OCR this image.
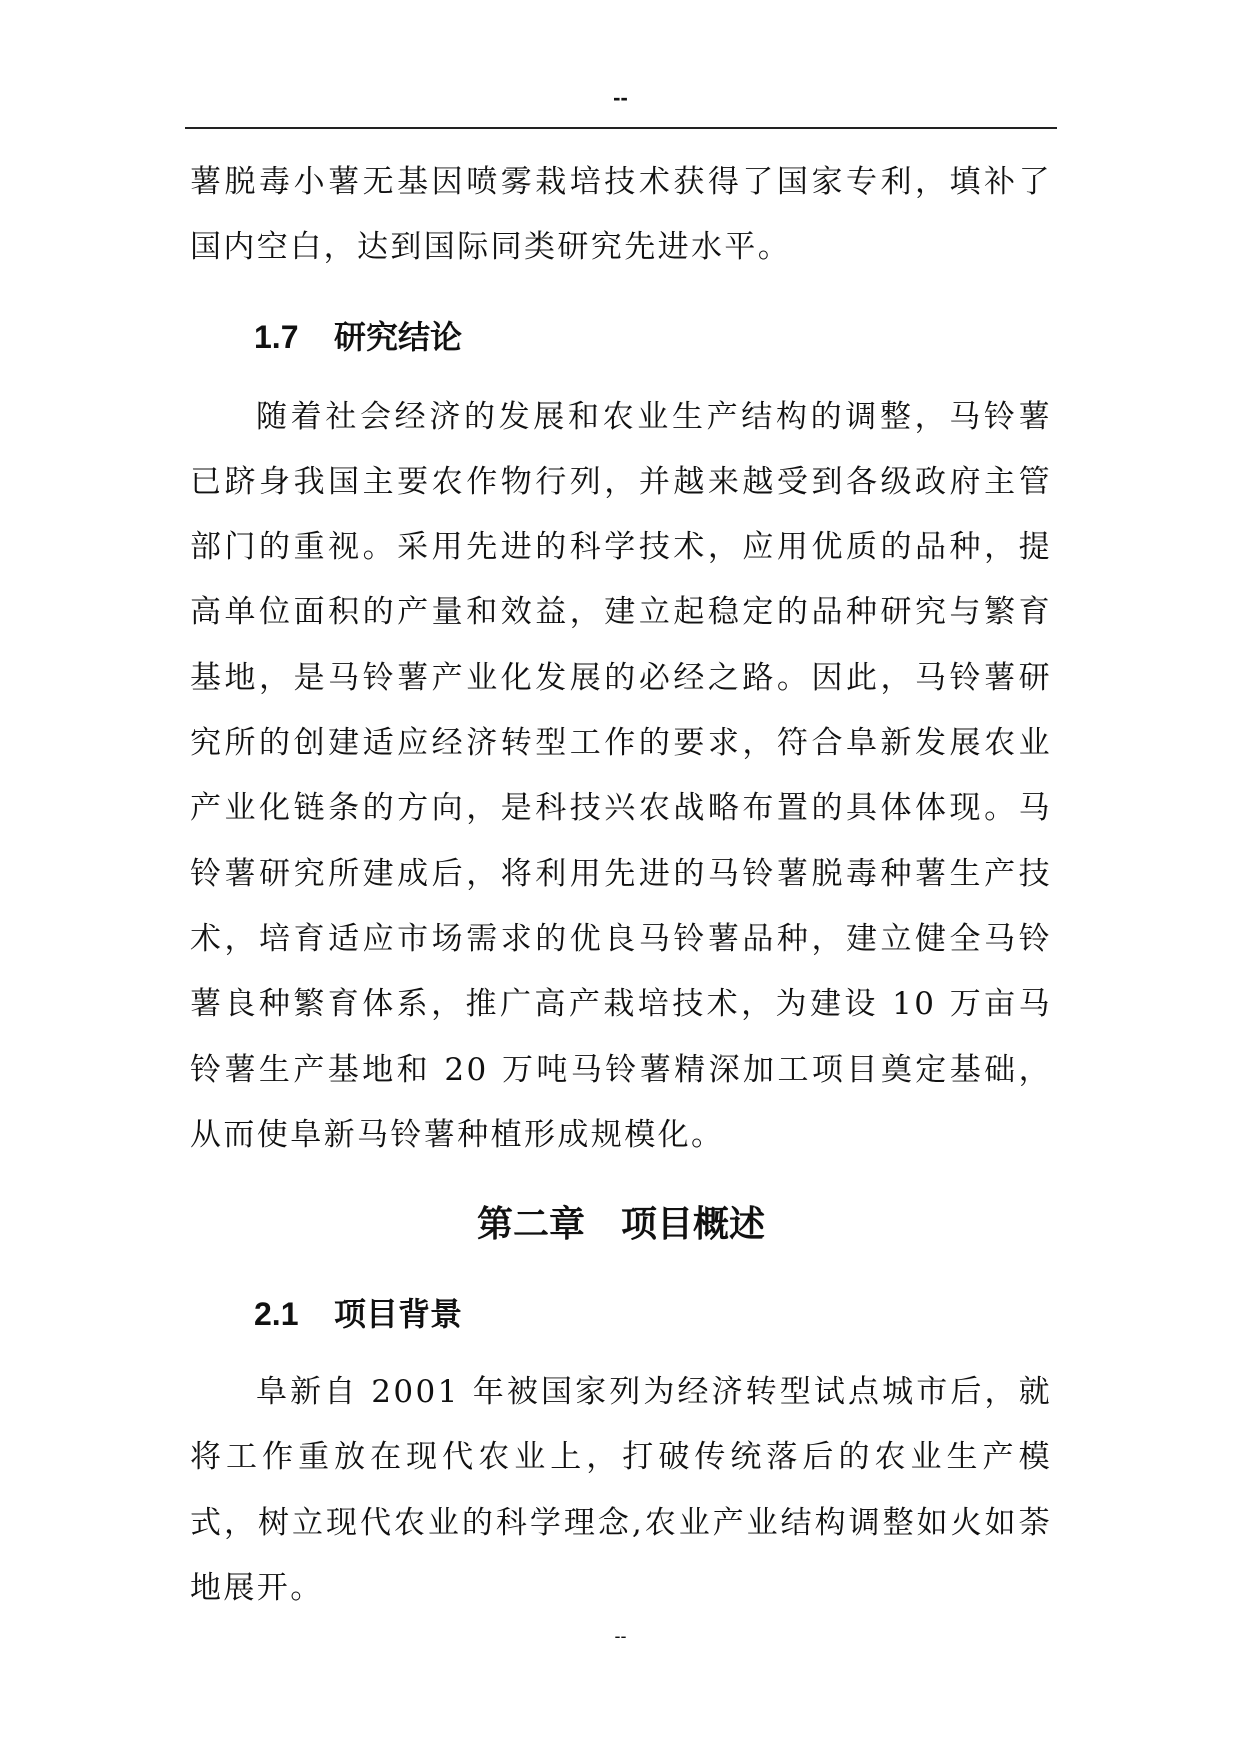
--

薯脱毒小薯无基因喷雾栽培技术获得了国家专利，填补了国内空白，达到国际同类研究先进水平。

1.7 研究结论

随着社会经济的发展和农业生产结构的调整，马铃薯已跻身我国主要农作物行列，并越来越受到各级政府主管部门的重视。采用先进的科学技术，应用优质的品种，提高单位面积的产量和效益，建立起稳定的品种研究与繁育基地，是马铃薯产业化发展的必经之路。因此，马铃薯研究所的创建适应经济转型工作的要求，符合阜新发展农业产业化链条的方向，是科技兴农战略布置的具体体现。马铃薯研究所建成后，将利用先进的马铃薯脱毒种薯生产技术，培育适应市场需求的优良马铃薯品种，建立健全马铃薯良种繁育体系，推广高产栽培技术，为建设 10 万亩马铃薯生产基地和 20 万吨马铃薯精深加工项目奠定基础，从而使阜新马铃薯种植形成规模化。

第二章　项目概述
2.1 项目背景

阜新自 2001 年被国家列为经济转型试点城市后，就将工作重放在现代农业上，打破传统落后的农业生产模式，树立现代农业的科学理念,农业产业结构调整如火如荼地展开。

--
